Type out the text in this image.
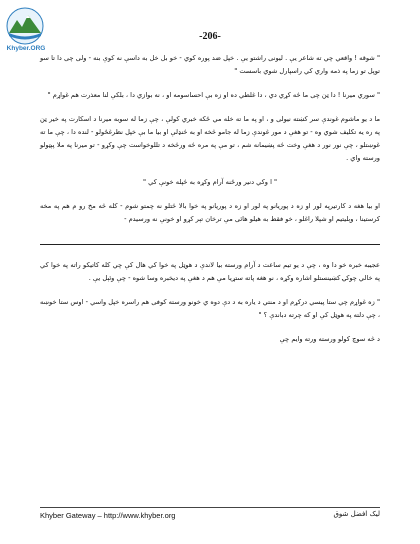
Khyber.ORG
-206-

" شوقه ! واقعي چي ته شاعر يې . ليونی راشتو يې . خپل ضد پوره کوي - خو بل خل به داسې نه کوې بنه - ولی چی دا تا سو توپل تو زما په ذمه واري کي راسپارل شوي باسست "

" سوري ميرنا ! دا ټن چی ما څه کړي دي ، دا غلطي ده او زه بې احساسومه او ، نه بوازي دا ، بلکې لنا معذرت هم غواړم "

ما د يو ماشوم غوندې سر کښته نيولی و ، او په ما ته خله مي ځکه خبري کولې ، چې زما له سوبه ميرنا د اسکارت په خير ټن په ره يه تکليف شوي وه - تو هغې د مور غوندې زما له جامو څخه او به څنډلې او بيا ما بې خپل نظرغځولو - لنده دا ، چې ما ته غوښتلو ، چې نور نور د هغې وخت څه پښيمانه شم ، تو مې په مره څه ورڅخه د تللوخواست چې وکړو - تو ميرنا په ملا پېټولو ورسته واي .

" ا وکي دنير ورځنه آرام وکړه به څپله خونې کي "

او بيا هغه د کارتيرپه لور او زه د پوريانو په لور او زه د پوريانو په خوا بالا څتلو نه چمتو شوم - کله څه مخ رو م هم په مخه کرستينا ، وېليتيم او شپلا راغلو ، خو فقط به هيلو هائی مې ترخان تېر کړو او خونې نه ورسيدم -

عجيبه خبره خو دا وه ، چې د يو تيم ساعت د آرام ورسته بيا لاندې د هوټل په خوا کي هال کې چي کله کاتيکو راته په خوا کي په خالي چوکۍ کښينستلو اشاره وکړه ، نو هغه پاته ستړيا مې هم د هغې په ديخبره وسا شوه - چې وئېل يې .

" زه غواړم چي ستا پيسي درکړم او د منتي د ياره به د دې دوه ي خونو ورسته کوفی هم راسره خپل واسي - اوس ستا خوښه ، چې دلته په هوټل کې او که چرته دباندې ؟ "

د څه سوچ کولو ورسته ورته وايم چې

Khyber Gateway – http://www.khyber.org	ليک افضل شوق
